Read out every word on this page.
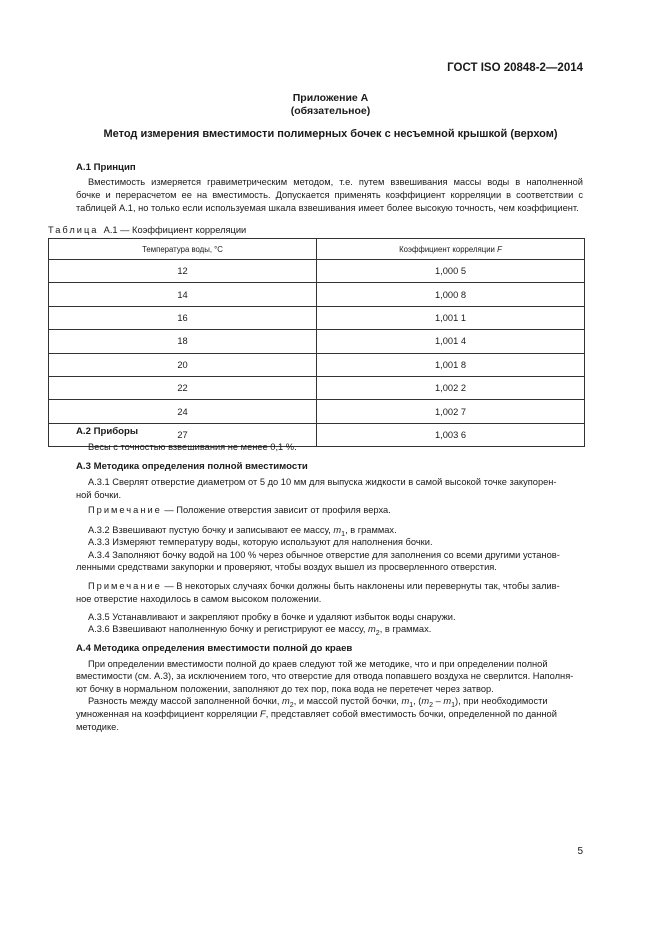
ГОСТ ISO 20848-2—2014
Приложение А
(обязательное)
Метод измерения вместимости полимерных бочек с несъемной крышкой (верхом)
А.1 Принцип
Вместимость измеряется гравиметрическим методом, т.е. путем взвешивания массы воды в наполненной
бочке и перерасчетом ее на вместимость. Допускается применять коэффициент корреляции в соответствии с
таблицей А.1, но только если используемая шкала взвешивания имеет более высокую точность, чем коэффициент.
Таблица А.1 — Коэффициент корреляции
Температура воды, °С	Коэффициент корреляции F
12	1,000 5
14	1,000 8
16	1,001 1
18	1,001 4
20	1,001 8
22	1,002 2
24	1,002 7
27	1,003 6
А.2 Приборы
Весы с точностью взвешивания не менее 0,1 %.
А.3 Методика определения полной вместимости
А.3.1 Сверлят отверстие диаметром от 5 до 10 мм для выпуска жидкости в самой высокой точке закупорен-
ной бочки.
Примечание — Положение отверстия зависит от профиля верха.
А.3.2 Взвешивают пустую бочку и записывают ее массу, $m_1$, в граммах.
А.3.3 Измеряют температуру воды, которую используют для наполнения бочки.
А.3.4 Заполняют бочку водой на 100 % через обычное отверстие для заполнения со всеми другими установ-
ленными средствами закупорки и проверяют, чтобы воздух вышел из просверленного отверстия.
Примечание — В некоторых случаях бочки должны быть наклонены или перевернуты так, чтобы залив-
ное отверстие находилось в самом высоком положении.
А.3.5 Устанавливают и закрепляют пробку в бочке и удаляют избыток воды снаружи.
А.3.6 Взвешивают наполненную бочку и регистрируют ее массу, $m_2$, в граммах.
А.4 Методика определения вместимости полной до краев
При определении вместимости полной до краев следуют той же методике, что и при определении полной
вместимости (см. А.3), за исключением того, что отверстие для отвода попавшего воздуха не сверлится. Наполня-
ют бочку в нормальном положении, заполняют до тех пор, пока вода не перетечет через затвор.
Разность между массой заполненной бочки, $m_2$, и массой пустой бочки, $m_1$, $(m_2 - m_1)$, при необходимости
умноженная на коэффициент корреляции F, представляет собой вместимость бочки, определенной по данной
методике.
5
